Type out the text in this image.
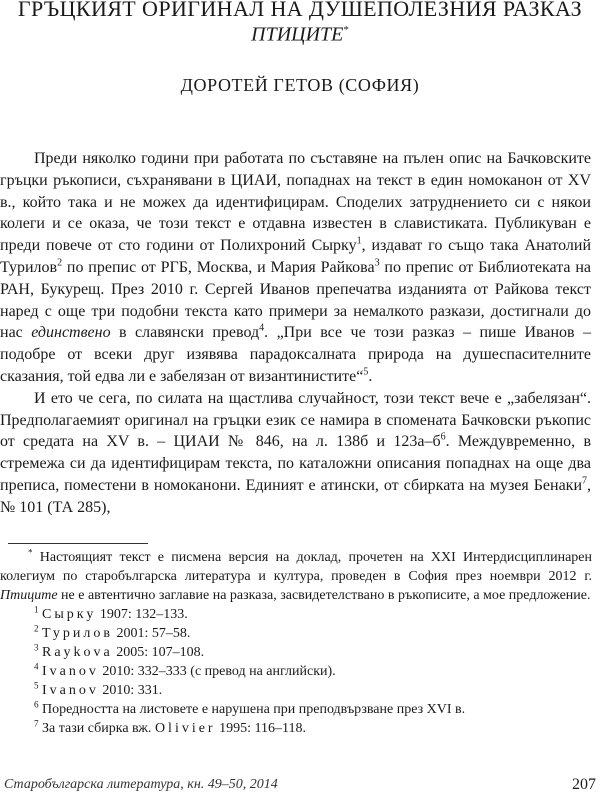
ГРЪЦКИЯТ ОРИГИНАЛ НА ДУШЕПОЛЕЗНИЯ РАЗКАЗ
ПТИЦИТЕ*
ДОРОТЕЙ ГЕТОВ (СОФИЯ)

Преди няколко години при работата по съставяне на пълен опис на Бачковските гръцки ръкописи, съхранявани в ЦИАИ, попаднах на текст в един номоканон от XV в., който така и не можех да идентифицирам. Споделих затруднението си с някои колеги и се оказа, че този текст е отдавна известен в славистиката. Публикуван е преди повече от сто години от Полихроний Сырку$^1$, издават го също така Анатолий Турилов$^2$ по препис от РГБ, Москва, и Мария Райкова$^3$ по препис от Библиотеката на РАН, Букурещ. През 2010 г. Сергей Иванов препечатва изданията от Райкова текст наред с още три подобни текста като примери за немалкото разкази, достигнали до нас единствено в славянски превод$^4$. „При все че този разказ – пише Иванов – подобре от всеки друг изявява парадоксалната природа на душеспасителните сказания, той едва ли е забелязан от византинистите“$^5$.

И ето че сега, по силата на щастлива случайност, този текст вече е „забелязан“. Предполагаемият оригинал на гръцки език се намира в спомената Бачковски ръкопис от средата на XV в. – ЦИАИ № 846, на л. 138б и $123а-б^6$. Междувременно, в стремежа си да идентифицирам текста, по каталожни описания попаднах на още два преписа, поместени в номоканони. Единият е атински, от сбирката на музея Бенаки$^7$, № 101 (ТА 285),

* Настоящият текст е писмена версия на доклад, прочетен на XXI Интердисциплинарен колегиум по старобългарска литература и култура, проведен в София през ноември 2012 г. Птиците не е автентично заглавие на разказа, засвидетелствано в ръкописите, а мое предложение.

$^1$ Сырку 1907: 132–133.

$^2$ Турилов 2001: 57–58.

$^3$ Raykova 2005: 107–108.

$^4$ Ivanov 2010: 332–333 (с превод на английски).

$^5$ Ivanov 2010: 331.

$^6$ Поредността на листовете е нарушена при преподвързване през XVI в.

$^7$ За тази сбирка вж. Olivier 1995: 116–118.

Старобългарска литература, кн. 49–50, 2014	207
